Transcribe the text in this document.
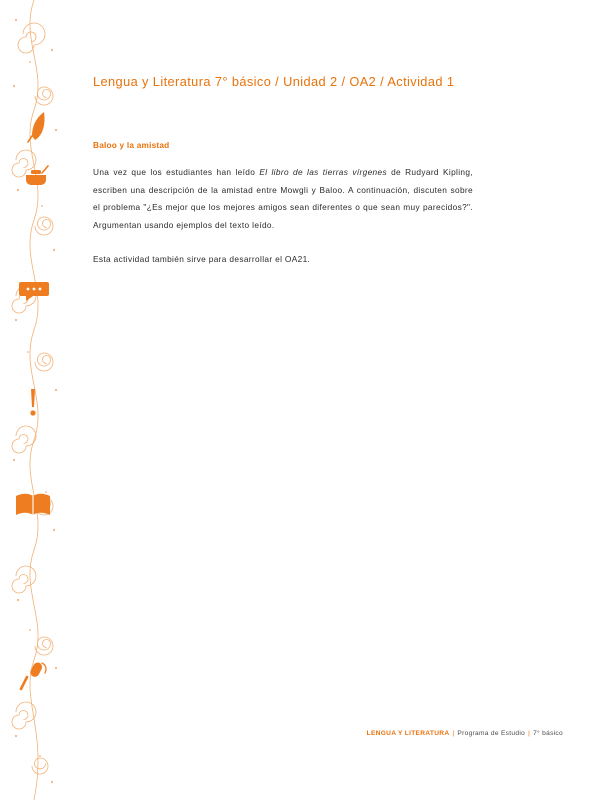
Lengua y Literatura 7° básico / Unidad 2 / OA2 / Actividad 1
Baloo y la amistad
Una vez que los estudiantes han leído El libro de las tierras vírgenes de Rudyard Kipling, escriben una descripción de la amistad entre Mowgli y Baloo. A continuación, discuten sobre el problema "¿Es mejor que los mejores amigos sean diferentes o que sean muy parecidos?". Argumentan usando ejemplos del texto leído.
Esta actividad también sirve para desarrollar el OA21.
LENGUA Y LITERATURA | Programa de Estudio | 7° básico
